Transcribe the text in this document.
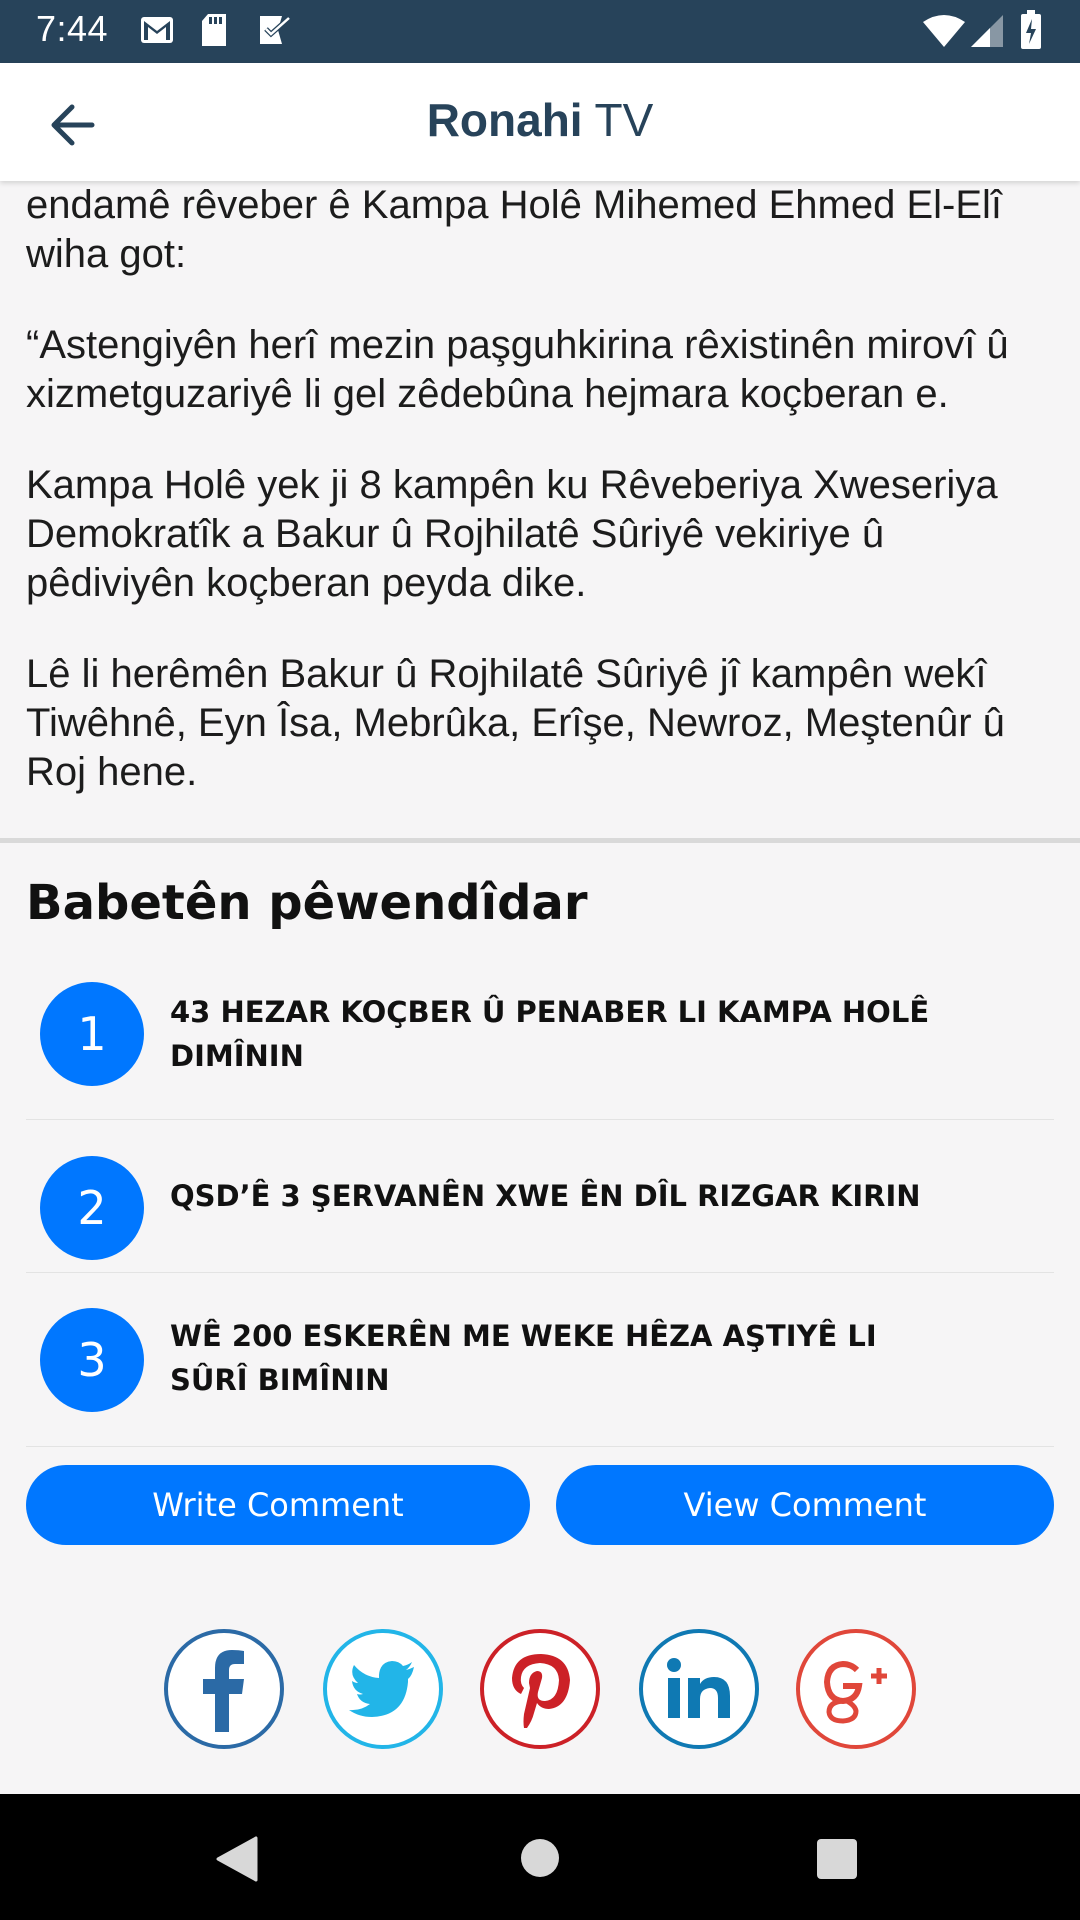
7:44
Ronahi TV

endamê rêveber ê Kampa Holê Mihemed Ehmed El-Elî wiha got:

“Astengiyên herî mezin paşguhkirina rêxistinên mirovî û xizmetguzariyê li gel zêdebûna hejmara koçberan e.

Kampa Holê yek ji 8 kampên ku Rêveberiya Xweseriya Demokratîk a Bakur û Rojhilatê Sûriyê vekiriye û pêdiviyên koçberan peyda dike.

Lê li herêmên Bakur û Rojhilatê Sûriyê jî kampên wekî Tiwêhnê, Eyn Îsa, Mebrûka, Erîşe, Newroz, Meştenûr û Roj hene.

Babetên pêwendîdar
1	43 HEZAR KOÇBER Û PENABER LI KAMPA HOLÊ DIMÎNIN
2	QSD’Ê 3 ŞERVANÊN XWE ÊN DÎL RIZGAR KIRIN
3	WÊ 200 ESKERÊN ME WEKE HÊZA AŞTIYÊ LI SÛRÎ BIMÎNIN
Write Comment	View Comment
